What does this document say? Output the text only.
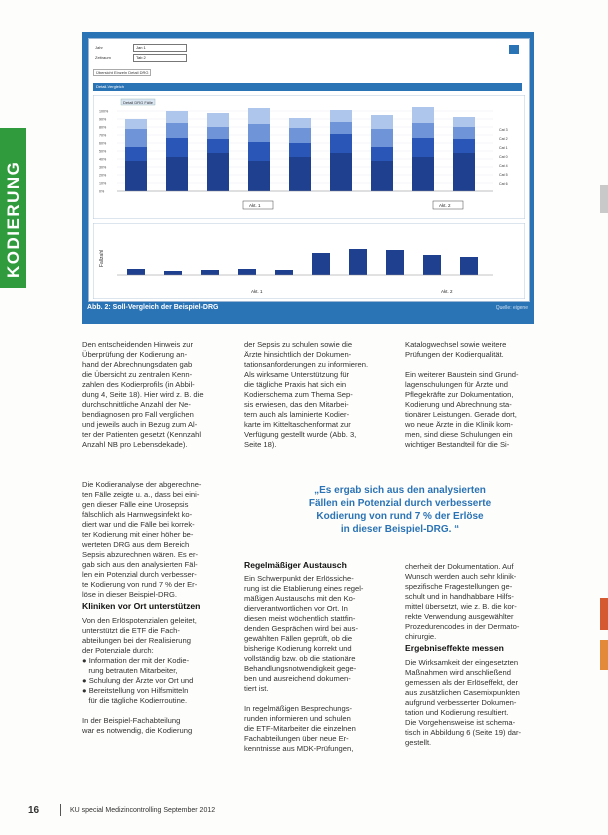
KODIERUNG
Jahr	Jan 1
Zeitraum	Tab 2
Übersicht Einzeln Detail DRG
Detail-Vergleich
Detail DRG Fälle
100%
90%
80%
70%
60%
50%
40%
30%
20%
10%
0%
Cat 3
Cat 2
Cat 1
Cat 0
Cat 4
Cat 5
Cat 6
Akt. 1	Akt. 2
Fallzahl
Akt. 1	Akt. 2
Abb. 2: Soll-Vergleich der Beispiel-DRG	Quelle: eigene
Den entscheidenden Hinweis zur
Überprüfung der Kodierung an-
hand der Abrechnungsdaten gab
die Übersicht zu zentralen Kenn-
zahlen des Kodierprofils (in Abbil-
dung 4, Seite 18). Hier wird z. B. die
durchschnittliche Anzahl der Ne-
bendiagnosen pro Fall verglichen
und jeweils auch in Bezug zum Al-
ter der Patienten gesetzt (Kennzahl
Anzahl NB pro Lebensdekade).
Die Kodieranalyse der abgerechne-
ten Fälle zeigte u. a., dass bei eini-
gen dieser Fälle eine Urosepsis
fälschlich als Harnwegsinfekt ko-
diert war und die Fälle bei korrek-
ter Kodierung mit einer höher be-
werteten DRG aus dem Bereich
Sepsis abzurechnen wären. Es er-
gab sich aus den analysierten Fäl-
len ein Potenzial durch verbesser-
te Kodierung von rund 7 % der Er-
löse in dieser Beispiel-DRG.
Kliniken vor Ort unterstützen
Von den Erlöspotenzialen geleitet,
unterstützt die ETF die Fach-
abteilungen bei der Realisierung
der Potenziale durch:
● Information der mit der Kodie-
rung betrauten Mitarbeiter,
● Schulung der Ärzte vor Ort und
● Bereitstellung von Hilfsmitteln
für die tägliche Kodierroutine.
In der Beispiel-Fachabteilung
war es notwendig, die Kodierung
der Sepsis zu schulen sowie die
Ärzte hinsichtlich der Dokumen-
tationsanforderungen zu informieren.
Als wirksame Unterstützung für
die tägliche Praxis hat sich ein
Kodierschema zum Thema Sep-
sis erwiesen, das den Mitarbei-
tern auch als laminierte Kodier-
karte im Kitteltaschenformat zur
Verfügung gestellt wurde (Abb. 3,
Seite 18).
Katalogwechsel sowie weitere
Prüfungen der Kodierqualität.

Ein weiterer Baustein sind Grund-
lagenschulungen für Ärzte und
Pflegekräfte zur Dokumentation,
Kodierung und Abrechnung sta-
tionärer Leistungen. Gerade dort,
wo neue Ärzte in die Klinik kom-
men, sind diese Schulungen ein
wichtiger Bestandteil für die Si-
„Es ergab sich aus den analysierten
Fällen ein Potenzial durch verbesserte
Kodierung von rund 7 % der Erlöse
in dieser Beispiel-DRG. “
Regelmäßiger Austausch
Ein Schwerpunkt der Erlössiche-
rung ist die Etablierung eines regel-
mäßigen Austauschs mit den Ko-
dierverantwortlichen vor Ort. In
diesen meist wöchentlich stattfin-
denden Gesprächen wird bei aus-
gewählten Fällen geprüft, ob die
bisherige Kodierung korrekt und
vollständig bzw. ob die stationäre
Behandlungsnotwendigkeit gege-
ben und ausreichend dokumen-
tiert ist.

In regelmäßigen Besprechungs-
runden informieren und schulen
die ETF-Mitarbeiter die einzelnen
Fachabteilungen über neue Er-
kenntnisse aus MDK-Prüfungen,
cherheit der Dokumentation. Auf
Wunsch werden auch sehr klinik-
spezifische Fragestellungen ge-
schult und in handhabbare Hilfs-
mittel übersetzt, wie z. B. die kor-
rekte Verwendung ausgewählter
Prozedurencodes in der Dermato-
chirurgie.
Ergebniseffekte messen
Die Wirksamkeit der eingesetzten
Maßnahmen wird anschließend
gemessen als der Erlöseffekt, der
aus zusätzlichen Casemixpunkten
aufgrund verbesserter Dokumen-
tation und Kodierung resultiert.
Die Vorgehensweise ist schema-
tisch in Abbildung 6 (Seite 19) dar-
gestellt.
16	KU special Medizincontrolling September 2012
